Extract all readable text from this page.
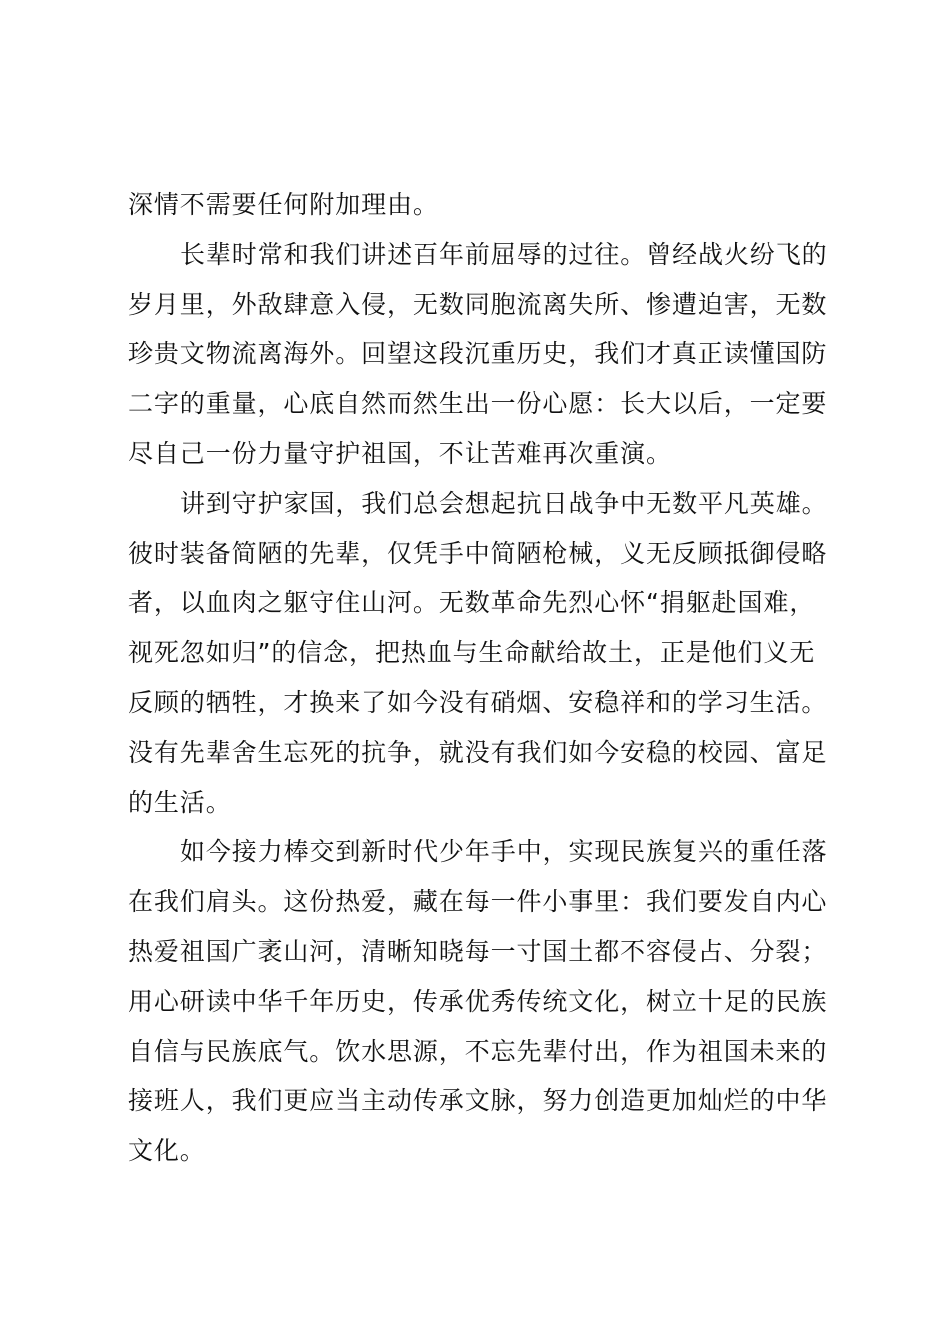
深情不需要任何附加理由。
长辈时常和我们讲述百年前屈辱的过往。曾经战火纷飞的
岁月里，外敌肆意入侵，无数同胞流离失所、惨遭迫害，无数
珍贵文物流离海外。回望这段沉重历史，我们才真正读懂国防
二字的重量，心底自然而然生出一份心愿：长大以后，一定要
尽自己一份力量守护祖国，不让苦难再次重演。
讲到守护家国，我们总会想起抗日战争中无数平凡英雄。
彼时装备简陋的先辈，仅凭手中简陋枪械，义无反顾抵御侵略
者，以血肉之躯守住山河。无数革命先烈心怀“捐躯赴国难，
视死忽如归”的信念，把热血与生命献给故土，正是他们义无
反顾的牺牲，才换来了如今没有硝烟、安稳祥和的学习生活。
没有先辈舍生忘死的抗争，就没有我们如今安稳的校园、富足
的生活。
如今接力棒交到新时代少年手中，实现民族复兴的重任落
在我们肩头。这份热爱，藏在每一件小事里：我们要发自内心
热爱祖国广袤山河，清晰知晓每一寸国土都不容侵占、分裂；
用心研读中华千年历史，传承优秀传统文化，树立十足的民族
自信与民族底气。饮水思源，不忘先辈付出，作为祖国未来的
接班人，我们更应当主动传承文脉，努力创造更加灿烂的中华
文化。
